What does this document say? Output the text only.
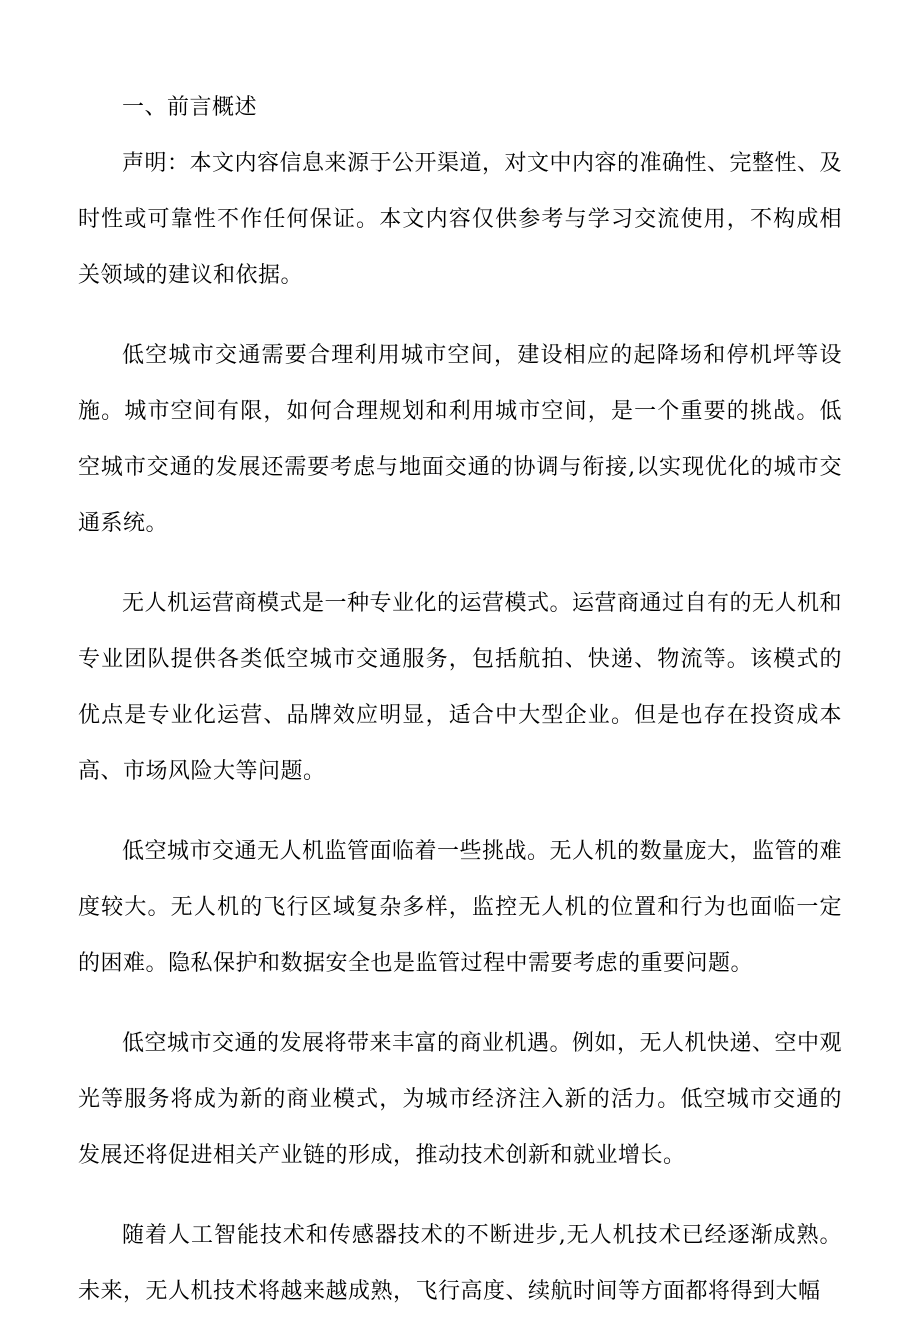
一、前言概述

声明：本文内容信息来源于公开渠道，对文中内容的准确性、完整性、及时性或可靠性不作任何保证。本文内容仅供参考与学习交流使用，不构成相关领域的建议和依据。

低空城市交通需要合理利用城市空间，建设相应的起降场和停机坪等设施。城市空间有限，如何合理规划和利用城市空间，是一个重要的挑战。低空城市交通的发展还需要考虑与地面交通的协调与衔接,以实现优化的城市交通系统。

无人机运营商模式是一种专业化的运营模式。运营商通过自有的无人机和专业团队提供各类低空城市交通服务，包括航拍、快递、物流等。该模式的优点是专业化运营、品牌效应明显，适合中大型企业。但是也存在投资成本高、市场风险大等问题。

低空城市交通无人机监管面临着一些挑战。无人机的数量庞大，监管的难度较大。无人机的飞行区域复杂多样，监控无人机的位置和行为也面临一定的困难。隐私保护和数据安全也是监管过程中需要考虑的重要问题。

低空城市交通的发展将带来丰富的商业机遇。例如，无人机快递、空中观光等服务将成为新的商业模式，为城市经济注入新的活力。低空城市交通的发展还将促进相关产业链的形成，推动技术创新和就业增长。

随着人工智能技术和传感器技术的不断进步,无人机技术已经逐渐成熟。未来，无人机技术将越来越成熟，飞行高度、续航时间等方面都将得到大幅
